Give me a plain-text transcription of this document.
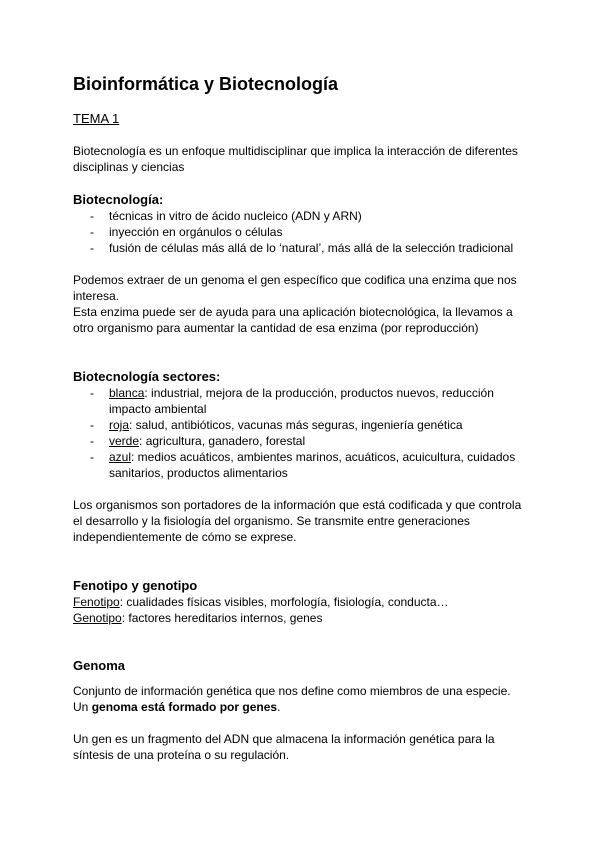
Bioinformática y Biotecnología
TEMA 1

Biotecnología es un enfoque multidisciplinar que implica la interacción de diferentes

disciplinas y ciencias

Biotecnología:

- técnicas in vitro de ácido nucleico (ADN y ARN)
- inyección en orgánulos o células
- fusión de células más allá de lo ‘natural’, más allá de la selección tradicional

Podemos extraer de un genoma el gen específico que codifica una enzima que nos

interesa.

Esta enzima puede ser de ayuda para una aplicación biotecnológica, la llevamos a

otro organismo para aumentar la cantidad de esa enzima (por reproducción)

Biotecnología sectores:

- blanca: industrial, mejora de la producción, productos nuevos, reducción
impacto ambiental
- roja: salud, antibióticos, vacunas más seguras, ingeniería genética
- verde: agricultura, ganadero, forestal
- azul: medios acuáticos, ambientes marinos, acuáticos, acuicultura, cuidados
sanitarios, productos alimentarios

Los organismos son portadores de la información que está codificada y que controla

el desarrollo y la fisiología del organismo. Se transmite entre generaciones

independientemente de cómo se exprese.

Fenotipo y genotipo

Fenotipo: cualidades físicas visibles, morfología, fisiología, conducta…

Genotipo: factores hereditarios internos, genes

Genoma

Conjunto de información genética que nos define como miembros de una especie.

Un genoma está formado por genes.

Un gen es un fragmento del ADN que almacena la información genética para la

síntesis de una proteína o su regulación.
